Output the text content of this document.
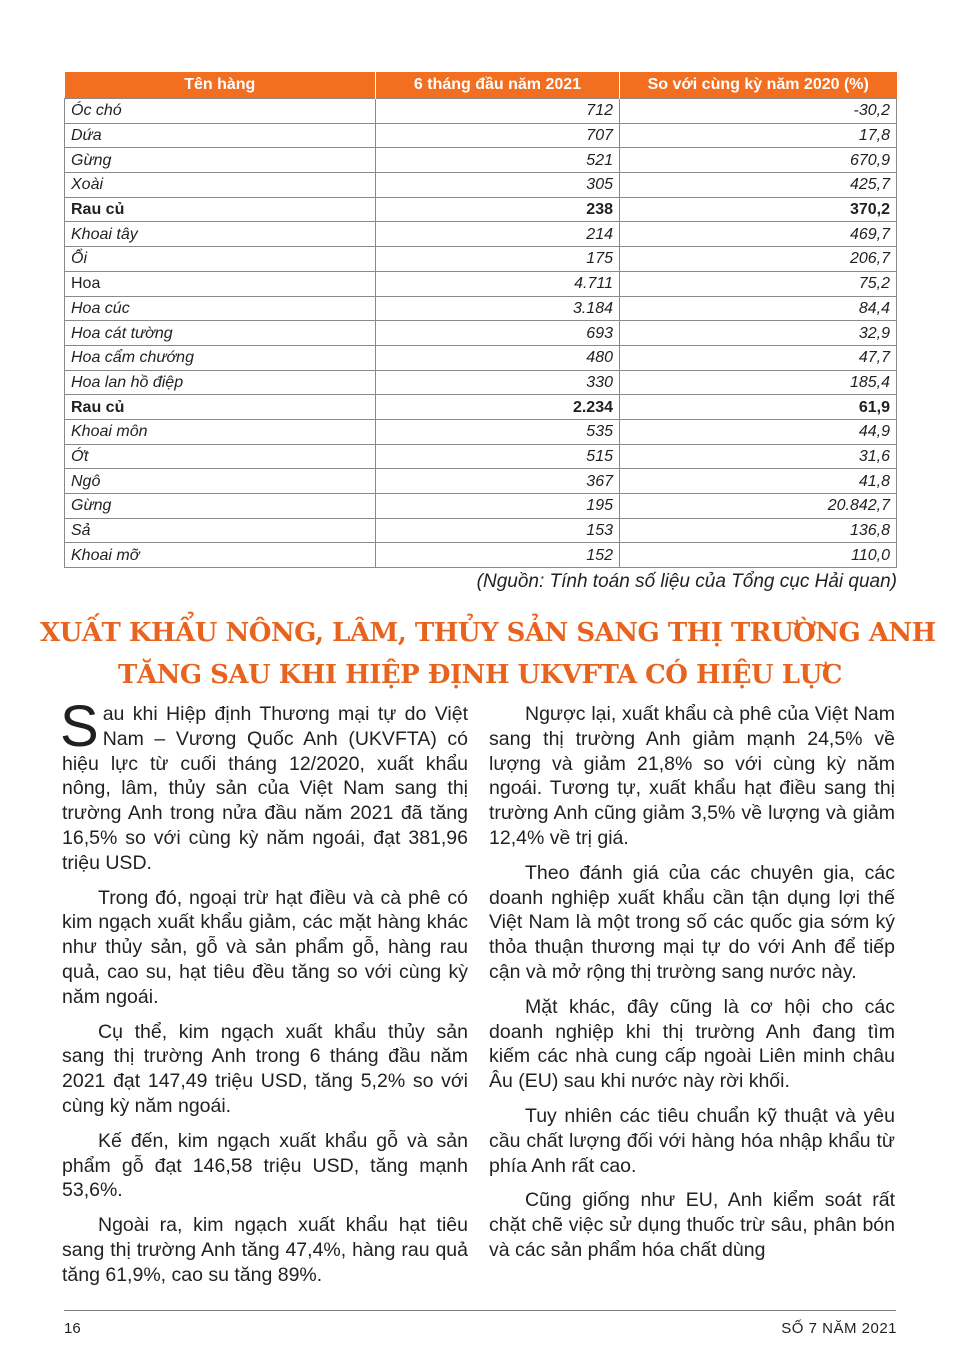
Tên hàng	6 tháng đầu năm 2021	So với cùng kỳ năm 2020 (%)
Óc chó	712	-30,2
Dứa	707	17,8
Gừng	521	670,9
Xoài	305	425,7
Rau củ	238	370,2
Khoai tây	214	469,7
Ổi	175	206,7
Hoa	4.711	75,2
Hoa cúc	3.184	84,4
Hoa cát tường	693	32,9
Hoa cẩm chướng	480	47,7
Hoa lan hồ điệp	330	185,4
Rau củ	2.234	61,9
Khoai môn	535	44,9
Ớt	515	31,6
Ngô	367	41,8
Gừng	195	20.842,7
Sả	153	136,8
Khoai mỡ	152	110,0
(Nguồn: Tính toán số liệu của Tổng cục Hải quan)
XUẤT KHẨU NÔNG, LÂM, THỦY SẢN SANG THỊ TRƯỜNG ANH
TĂNG SAU KHI HIỆP ĐỊNH UKVFTA CÓ HIỆU LỰC

Sau khi Hiệp định Thương mại tự do Việt Nam – Vương Quốc Anh (UKVFTA) có hiệu lực từ cuối tháng 12/2020, xuất khẩu nông, lâm, thủy sản của Việt Nam sang thị trường Anh trong nửa đầu năm 2021 đã tăng 16,5% so với cùng kỳ năm ngoái, đạt 381,96 triệu USD.

Trong đó, ngoại trừ hạt điều và cà phê có kim ngạch xuất khẩu giảm, các mặt hàng khác như thủy sản, gỗ và sản phẩm gỗ, hàng rau quả, cao su, hạt tiêu đều tăng so với cùng kỳ năm ngoái.

Cụ thể, kim ngạch xuất khẩu thủy sản sang thị trường Anh trong 6 tháng đầu năm 2021 đạt 147,49 triệu USD, tăng 5,2% so với cùng kỳ năm ngoái.

Kế đến, kim ngạch xuất khẩu gỗ và sản phẩm gỗ đạt 146,58 triệu USD, tăng mạnh 53,6%.

Ngoài ra, kim ngạch xuất khẩu hạt tiêu sang thị trường Anh tăng 47,4%, hàng rau quả tăng 61,9%, cao su tăng 89%.

Ngược lại, xuất khẩu cà phê của Việt Nam sang thị trường Anh giảm mạnh 24,5% về lượng và giảm 21,8% so với cùng kỳ năm ngoái. Tương tự, xuất khẩu hạt điều sang thị trường Anh cũng giảm 3,5% về lượng và giảm 12,4% về trị giá.

Theo đánh giá của các chuyên gia, các doanh nghiệp xuất khẩu cần tận dụng lợi thế Việt Nam là một trong số các quốc gia sớm ký thỏa thuận thương mại tự do với Anh để tiếp cận và mở rộng thị trường sang nước này.

Mặt khác, đây cũng là cơ hội cho các doanh nghiệp khi thị trường Anh đang tìm kiếm các nhà cung cấp ngoài Liên minh châu Âu (EU) sau khi nước này rời khối.

Tuy nhiên các tiêu chuẩn kỹ thuật và yêu cầu chất lượng đối với hàng hóa nhập khẩu từ phía Anh rất cao.

Cũng giống như EU, Anh kiểm soát rất chặt chẽ việc sử dụng thuốc trừ sâu, phân bón và các sản phẩm hóa chất dùng

16	SỐ 7 NĂM 2021
